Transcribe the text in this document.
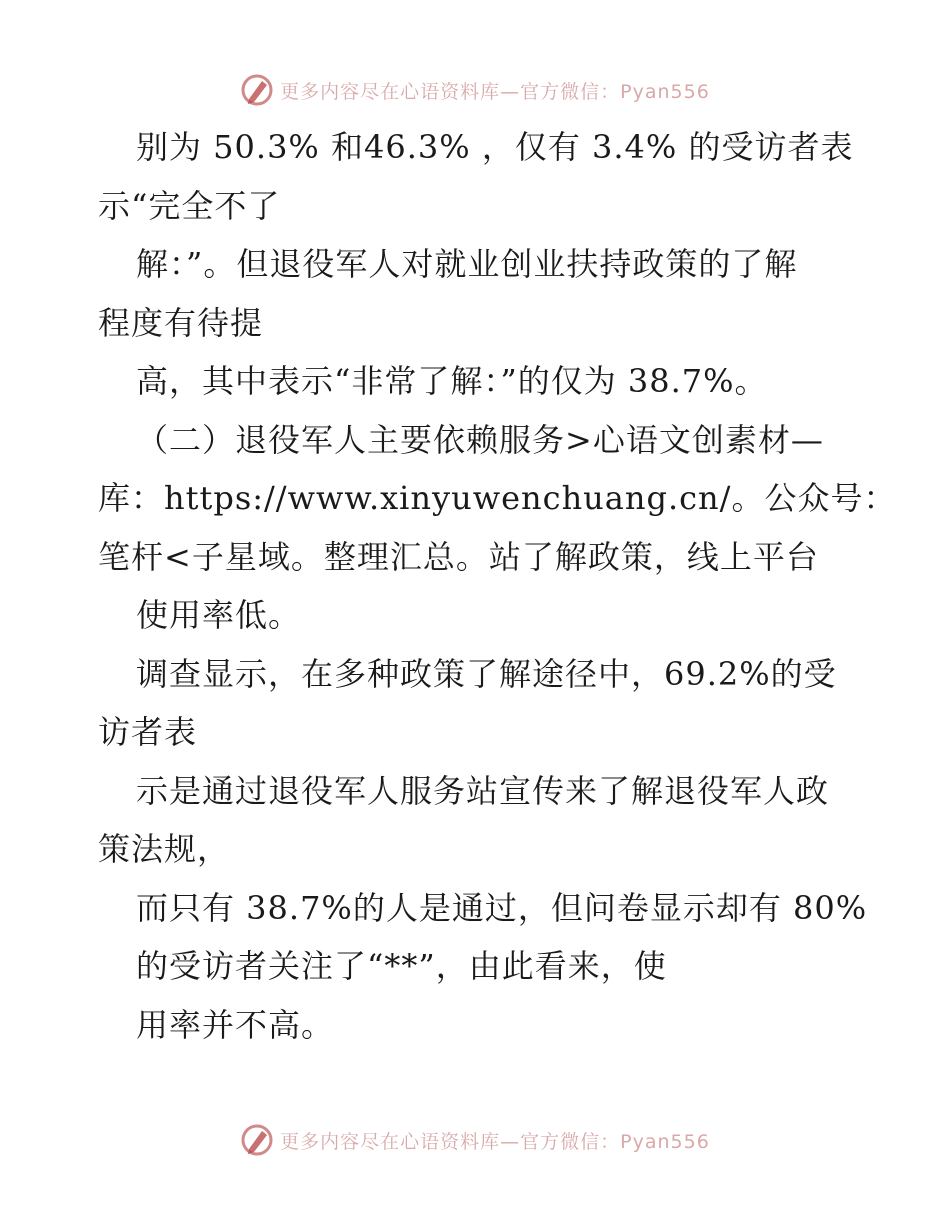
更多内容尽在心语资料库—官方微信：Pyan556
别为 50.3% 和46.3% ，仅有 3.4% 的受访者表
示“完全不了
解：”。但退役军人对就业创业扶持政策的了解
程度有待提
高，其中表示“非常了解：”的仅为 38.7%。
（二）退役军人主要依赖服务>心语文创素材—
库：https://www.xinyuwenchuang.cn/。公众号：
笔杆<子星域。整理汇总。站了解政策，线上平台
使用率低。
调查显示，在多种政策了解途径中，69.2%的受
访者表
示是通过退役军人服务站宣传来了解退役军人政
策法规，
而只有 38.7%的人是通过，但问卷显示却有 80%
的受访者关注了“**”，由此看来，使
用率并不高。
更多内容尽在心语资料库—官方微信：Pyan556
